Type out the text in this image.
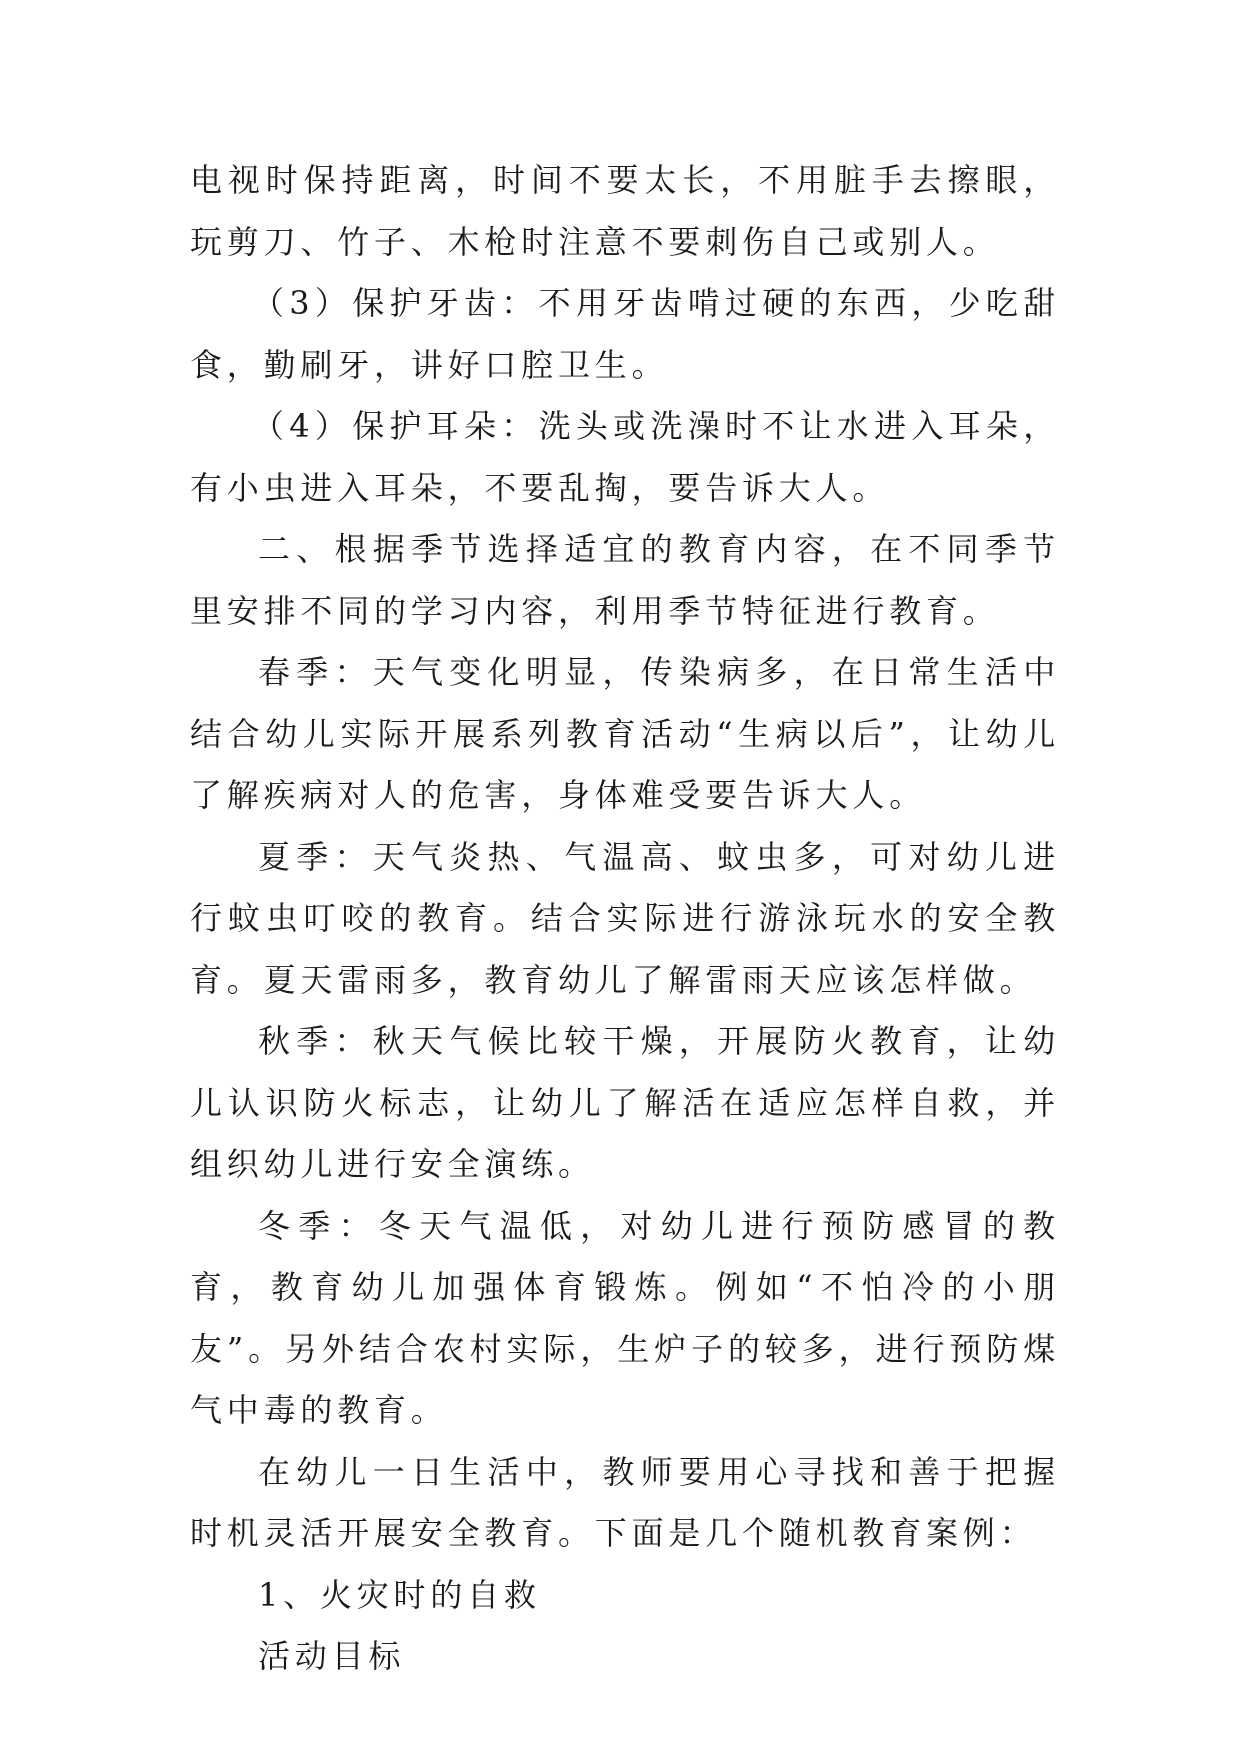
电视时保持距离，时间不要太长，不用脏手去擦眼，玩剪刀、竹子、木枪时注意不要刺伤自己或别人。

（3）保护牙齿：不用牙齿啃过硬的东西，少吃甜食，勤刷牙，讲好口腔卫生。

（4）保护耳朵：洗头或洗澡时不让水进入耳朵，有小虫进入耳朵，不要乱掏，要告诉大人。

二、根据季节选择适宜的教育内容，在不同季节里安排不同的学习内容，利用季节特征进行教育。

春季：天气变化明显，传染病多，在日常生活中结合幼儿实际开展系列教育活动“生病以后”，让幼儿了解疾病对人的危害，身体难受要告诉大人。

夏季：天气炎热、气温高、蚊虫多，可对幼儿进行蚊虫叮咬的教育。结合实际进行游泳玩水的安全教育。夏天雷雨多，教育幼儿了解雷雨天应该怎样做。

秋季：秋天气候比较干燥，开展防火教育，让幼儿认识防火标志，让幼儿了解活在适应怎样自救，并组织幼儿进行安全演练。

冬季：冬天气温低，对幼儿进行预防感冒的教育，教育幼儿加强体育锻炼。例如“不怕冷的小朋友”。另外结合农村实际，生炉子的较多，进行预防煤气中毒的教育。

在幼儿一日生活中，教师要用心寻找和善于把握时机灵活开展安全教育。下面是几个随机教育案例：

1、火灾时的自救

活动目标
